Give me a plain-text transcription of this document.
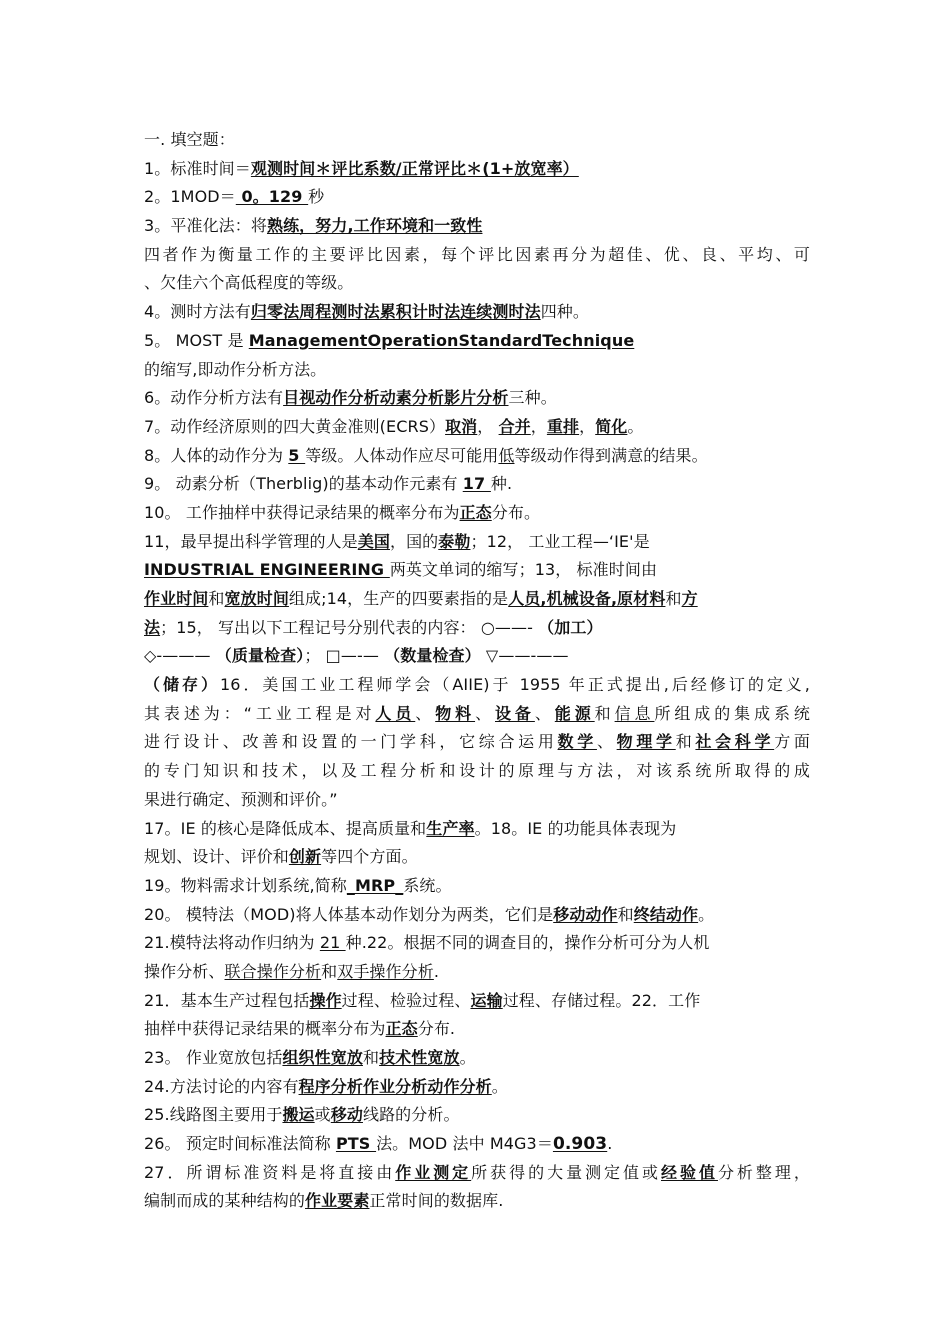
一. 填空题：
1。标准时间＝观测时间＊评比系数/正常评比＊(1+放宽率）
2。1MOD＝ 0。129 秒
3。平准化法：将熟练，努力,工作环境和一致性
四者作为衡量工作的主要评比因素，每个评比因素再分为超佳、优、良、平均、可
、欠佳六个高低程度的等级。
4。测时方法有归零法周程测时法累积计时法连续测时法四种。
5。 MOST 是 ManagementOperationStandardTechnique
的缩写,即动作分析方法。
6。动作分析方法有目视动作分析动素分析影片分析三种。
7。动作经济原则的四大黄金准则(ECRS）取消， 合并，重排，简化。
8。人体的动作分为 5 等级。人体动作应尽可能用低等级动作得到满意的结果。
9。 动素分析（Therblig)的基本动作元素有 17 种.
10。 工作抽样中获得记录结果的概率分布为正态分布。
11，最早提出科学管理的人是美国，国的泰勒；12， 工业工程—‘IE'是
INDUSTRIAL ENGINEERING 两英文单词的缩写；13， 标准时间由
作业时间和宽放时间组成;14，生产的四要素指的是人员,机械设备,原材料和方
法；15， 写出以下工程记号分别代表的内容： ○——- （加工）
◇-——— （质量检查）； □—-— （数量检查） ▽——-——
（储存）16．美国工业工程师学会（AIIE)于 1955 年正式提出,后经修订的定义,
其表述为：“工业工程是对人员、物料、设备、能源和信息所组成的集成系统
进行设计、改善和设置的一门学科，它综合运用数学、物理学和社会科学方面
的专门知识和技术，以及工程分析和设计的原理与方法，对该系统所取得的成
果进行确定、预测和评价。”
17。IE 的核心是降低成本、提高质量和生产率。18。IE 的功能具体表现为
规划、设计、评价和创新等四个方面。
19。物料需求计划系统,简称_MRP_系统。
20。 模特法（MOD)将人体基本动作划分为两类，它们是移动动作和终结动作。
21.模特法将动作归纳为 21 种.22。根据不同的调查目的，操作分析可分为人机
操作分析、联合操作分析和双手操作分析.
21．基本生产过程包括操作过程、检验过程、运输过程、存储过程。22．工作
抽样中获得记录结果的概率分布为正态分布.
23。 作业宽放包括组织性宽放和技术性宽放。
24.方法讨论的内容有程序分析作业分析动作分析。
25.线路图主要用于搬运或移动线路的分析。
26。 预定时间标准法简称 PTS 法。MOD 法中 M4G3＝0.903.
27．所谓标准资料是将直接由作业测定所获得的大量测定值或经验值分析整理，
编制而成的某种结构的作业要素正常时间的数据库.
